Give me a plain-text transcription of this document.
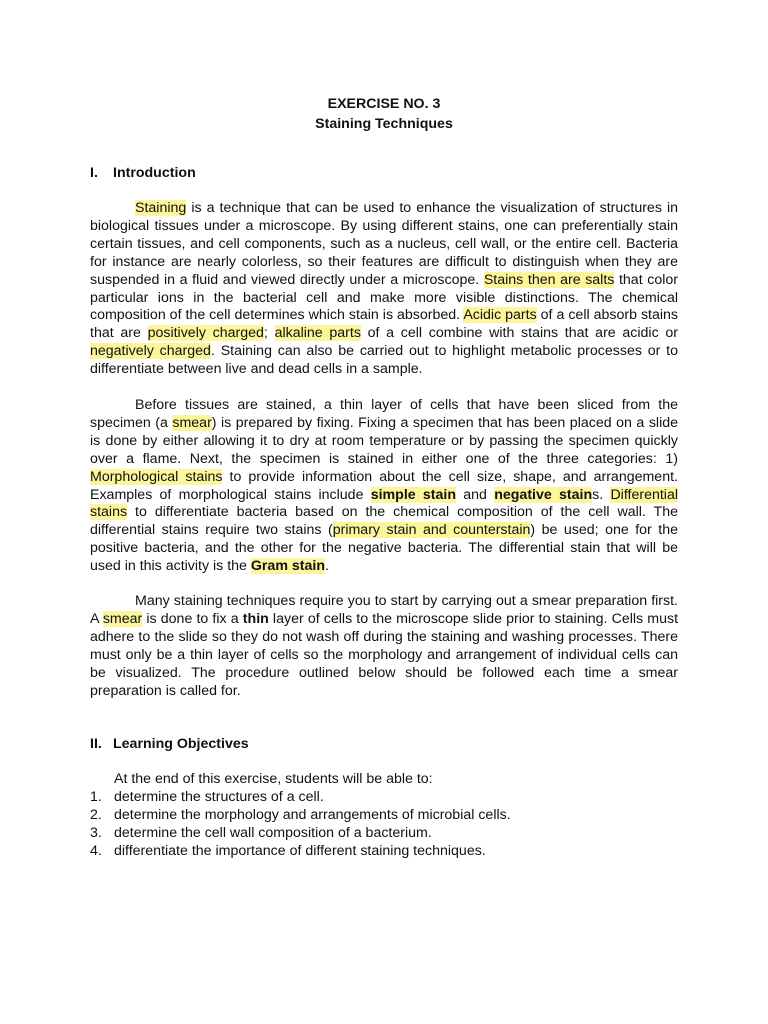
EXERCISE NO. 3
Staining Techniques
I. Introduction

Staining is a technique that can be used to enhance the visualization of structures in biological tissues under a microscope. By using different stains, one can preferentially stain certain tissues, and cell components, such as a nucleus, cell wall, or the entire cell. Bacteria for instance are nearly colorless, so their features are difficult to distinguish when they are suspended in a fluid and viewed directly under a microscope. Stains then are salts that color particular ions in the bacterial cell and make more visible distinctions. The chemical composition of the cell determines which stain is absorbed. Acidic parts of a cell absorb stains that are positively charged; alkaline parts of a cell combine with stains that are acidic or negatively charged. Staining can also be carried out to highlight metabolic processes or to differentiate between live and dead cells in a sample.

Before tissues are stained, a thin layer of cells that have been sliced from the specimen (a smear) is prepared by fixing. Fixing a specimen that has been placed on a slide is done by either allowing it to dry at room temperature or by passing the specimen quickly over a flame. Next, the specimen is stained in either one of the three categories: 1) Morphological stains to provide information about the cell size, shape, and arrangement. Examples of morphological stains include simple stain and negative stains. Differential stains to differentiate bacteria based on the chemical composition of the cell wall. The differential stains require two stains (primary stain and counterstain) be used; one for the positive bacteria, and the other for the negative bacteria. The differential stain that will be used in this activity is the Gram stain.

Many staining techniques require you to start by carrying out a smear preparation first. A smear is done to fix a thin layer of cells to the microscope slide prior to staining. Cells must adhere to the slide so they do not wash off during the staining and washing processes. There must only be a thin layer of cells so the morphology and arrangement of individual cells can be visualized. The procedure outlined below should be followed each time a smear preparation is called for.

II. Learning Objectives
At the end of this exercise, students will be able to:
1. determine the structures of a cell.
2. determine the morphology and arrangements of microbial cells.
3. determine the cell wall composition of a bacterium.
4. differentiate the importance of different staining techniques.
